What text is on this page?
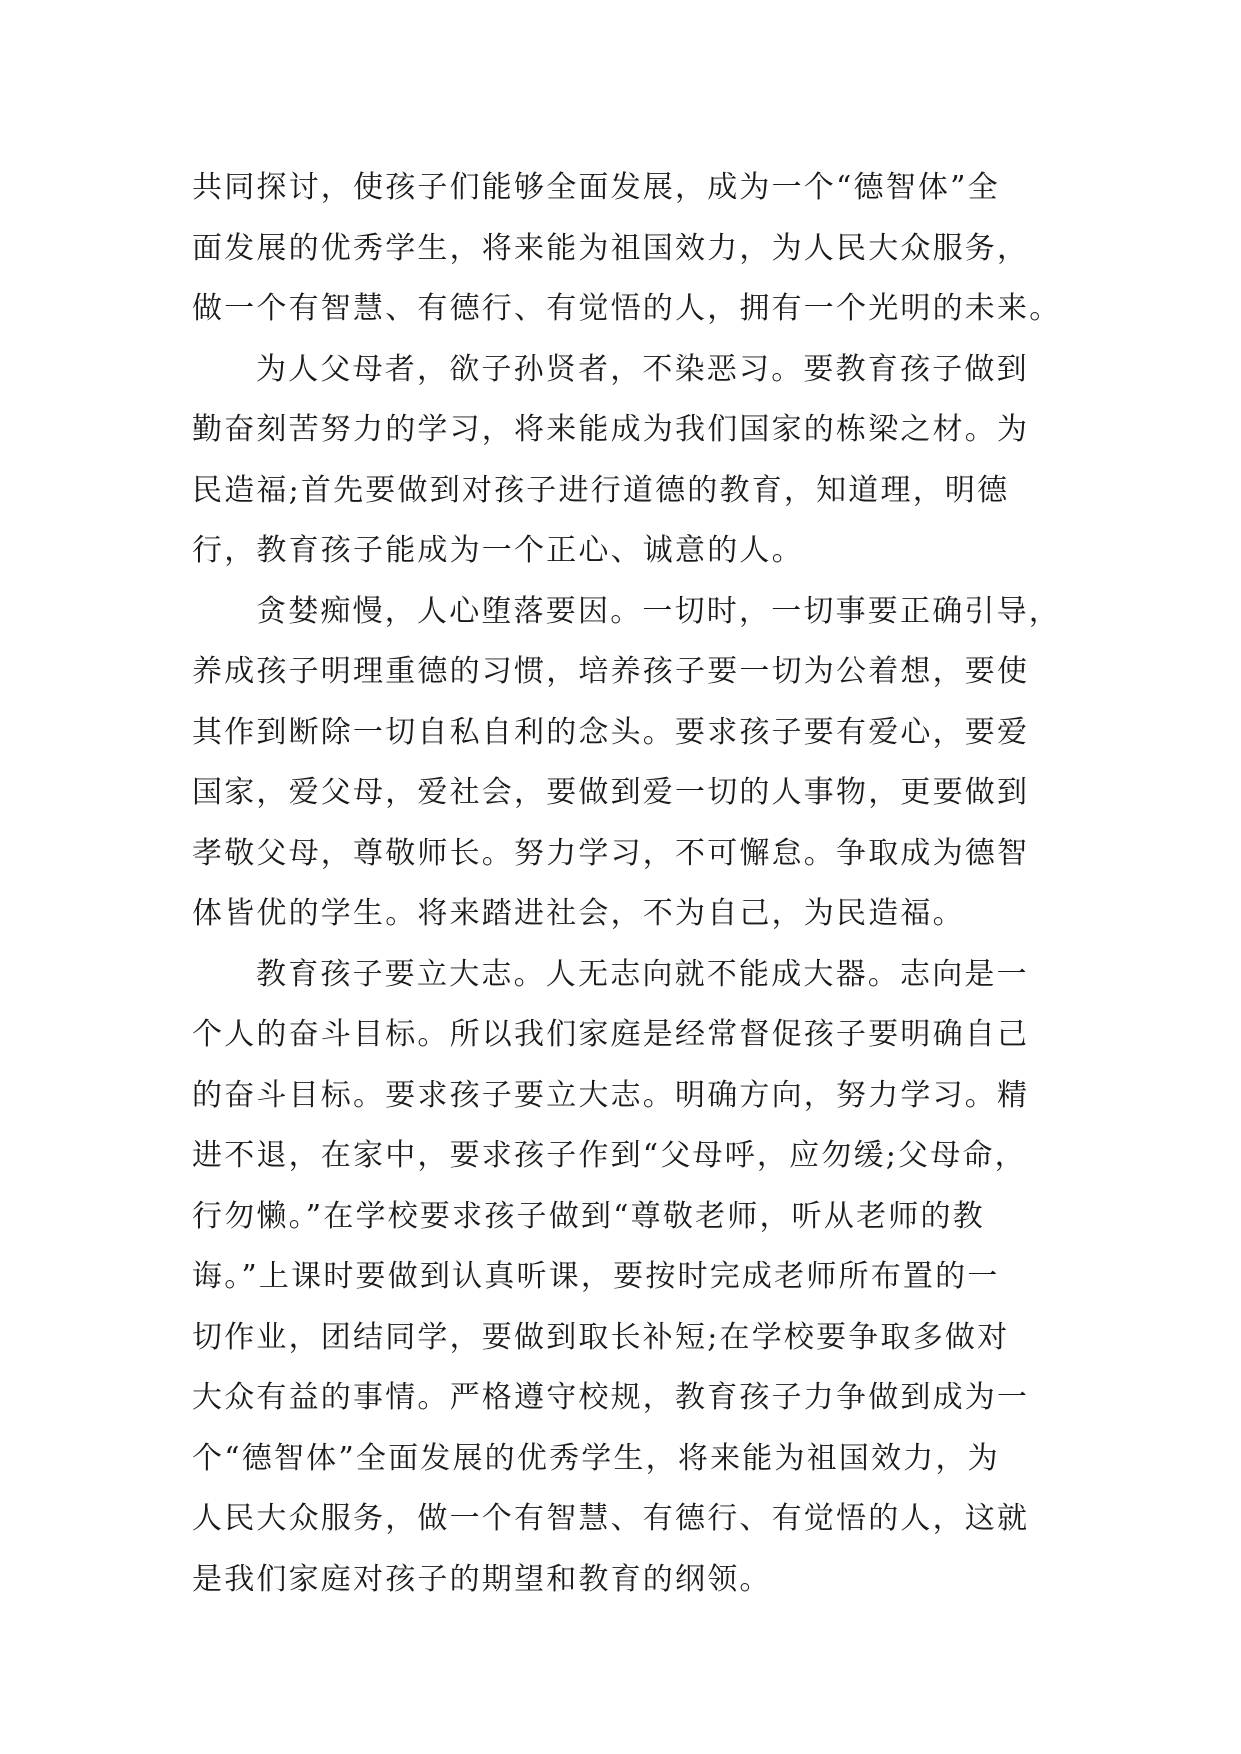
共同探讨，使孩子们能够全面发展，成为一个“德智体”全
面发展的优秀学生，将来能为祖国效力，为人民大众服务，
做一个有智慧、有德行、有觉悟的人，拥有一个光明的未来。
为人父母者，欲子孙贤者，不染恶习。要教育孩子做到
勤奋刻苦努力的学习，将来能成为我们国家的栋梁之材。为
民造福;首先要做到对孩子进行道德的教育，知道理，明德
行，教育孩子能成为一个正心、诚意的人。
贪婪痴慢，人心堕落要因。一切时，一切事要正确引导，
养成孩子明理重德的习惯，培养孩子要一切为公着想，要使
其作到断除一切自私自利的念头。要求孩子要有爱心，要爱
国家，爱父母，爱社会，要做到爱一切的人事物，更要做到
孝敬父母，尊敬师长。努力学习，不可懈怠。争取成为德智
体皆优的学生。将来踏进社会，不为自己，为民造福。
教育孩子要立大志。人无志向就不能成大器。志向是一
个人的奋斗目标。所以我们家庭是经常督促孩子要明确自己
的奋斗目标。要求孩子要立大志。明确方向，努力学习。精
进不退，在家中，要求孩子作到“父母呼，应勿缓;父母命，
行勿懒。”在学校要求孩子做到“尊敬老师，听从老师的教
诲。”上课时要做到认真听课，要按时完成老师所布置的一
切作业，团结同学，要做到取长补短;在学校要争取多做对
大众有益的事情。严格遵守校规，教育孩子力争做到成为一
个“德智体”全面发展的优秀学生，将来能为祖国效力，为
人民大众服务，做一个有智慧、有德行、有觉悟的人，这就
是我们家庭对孩子的期望和教育的纲领。
